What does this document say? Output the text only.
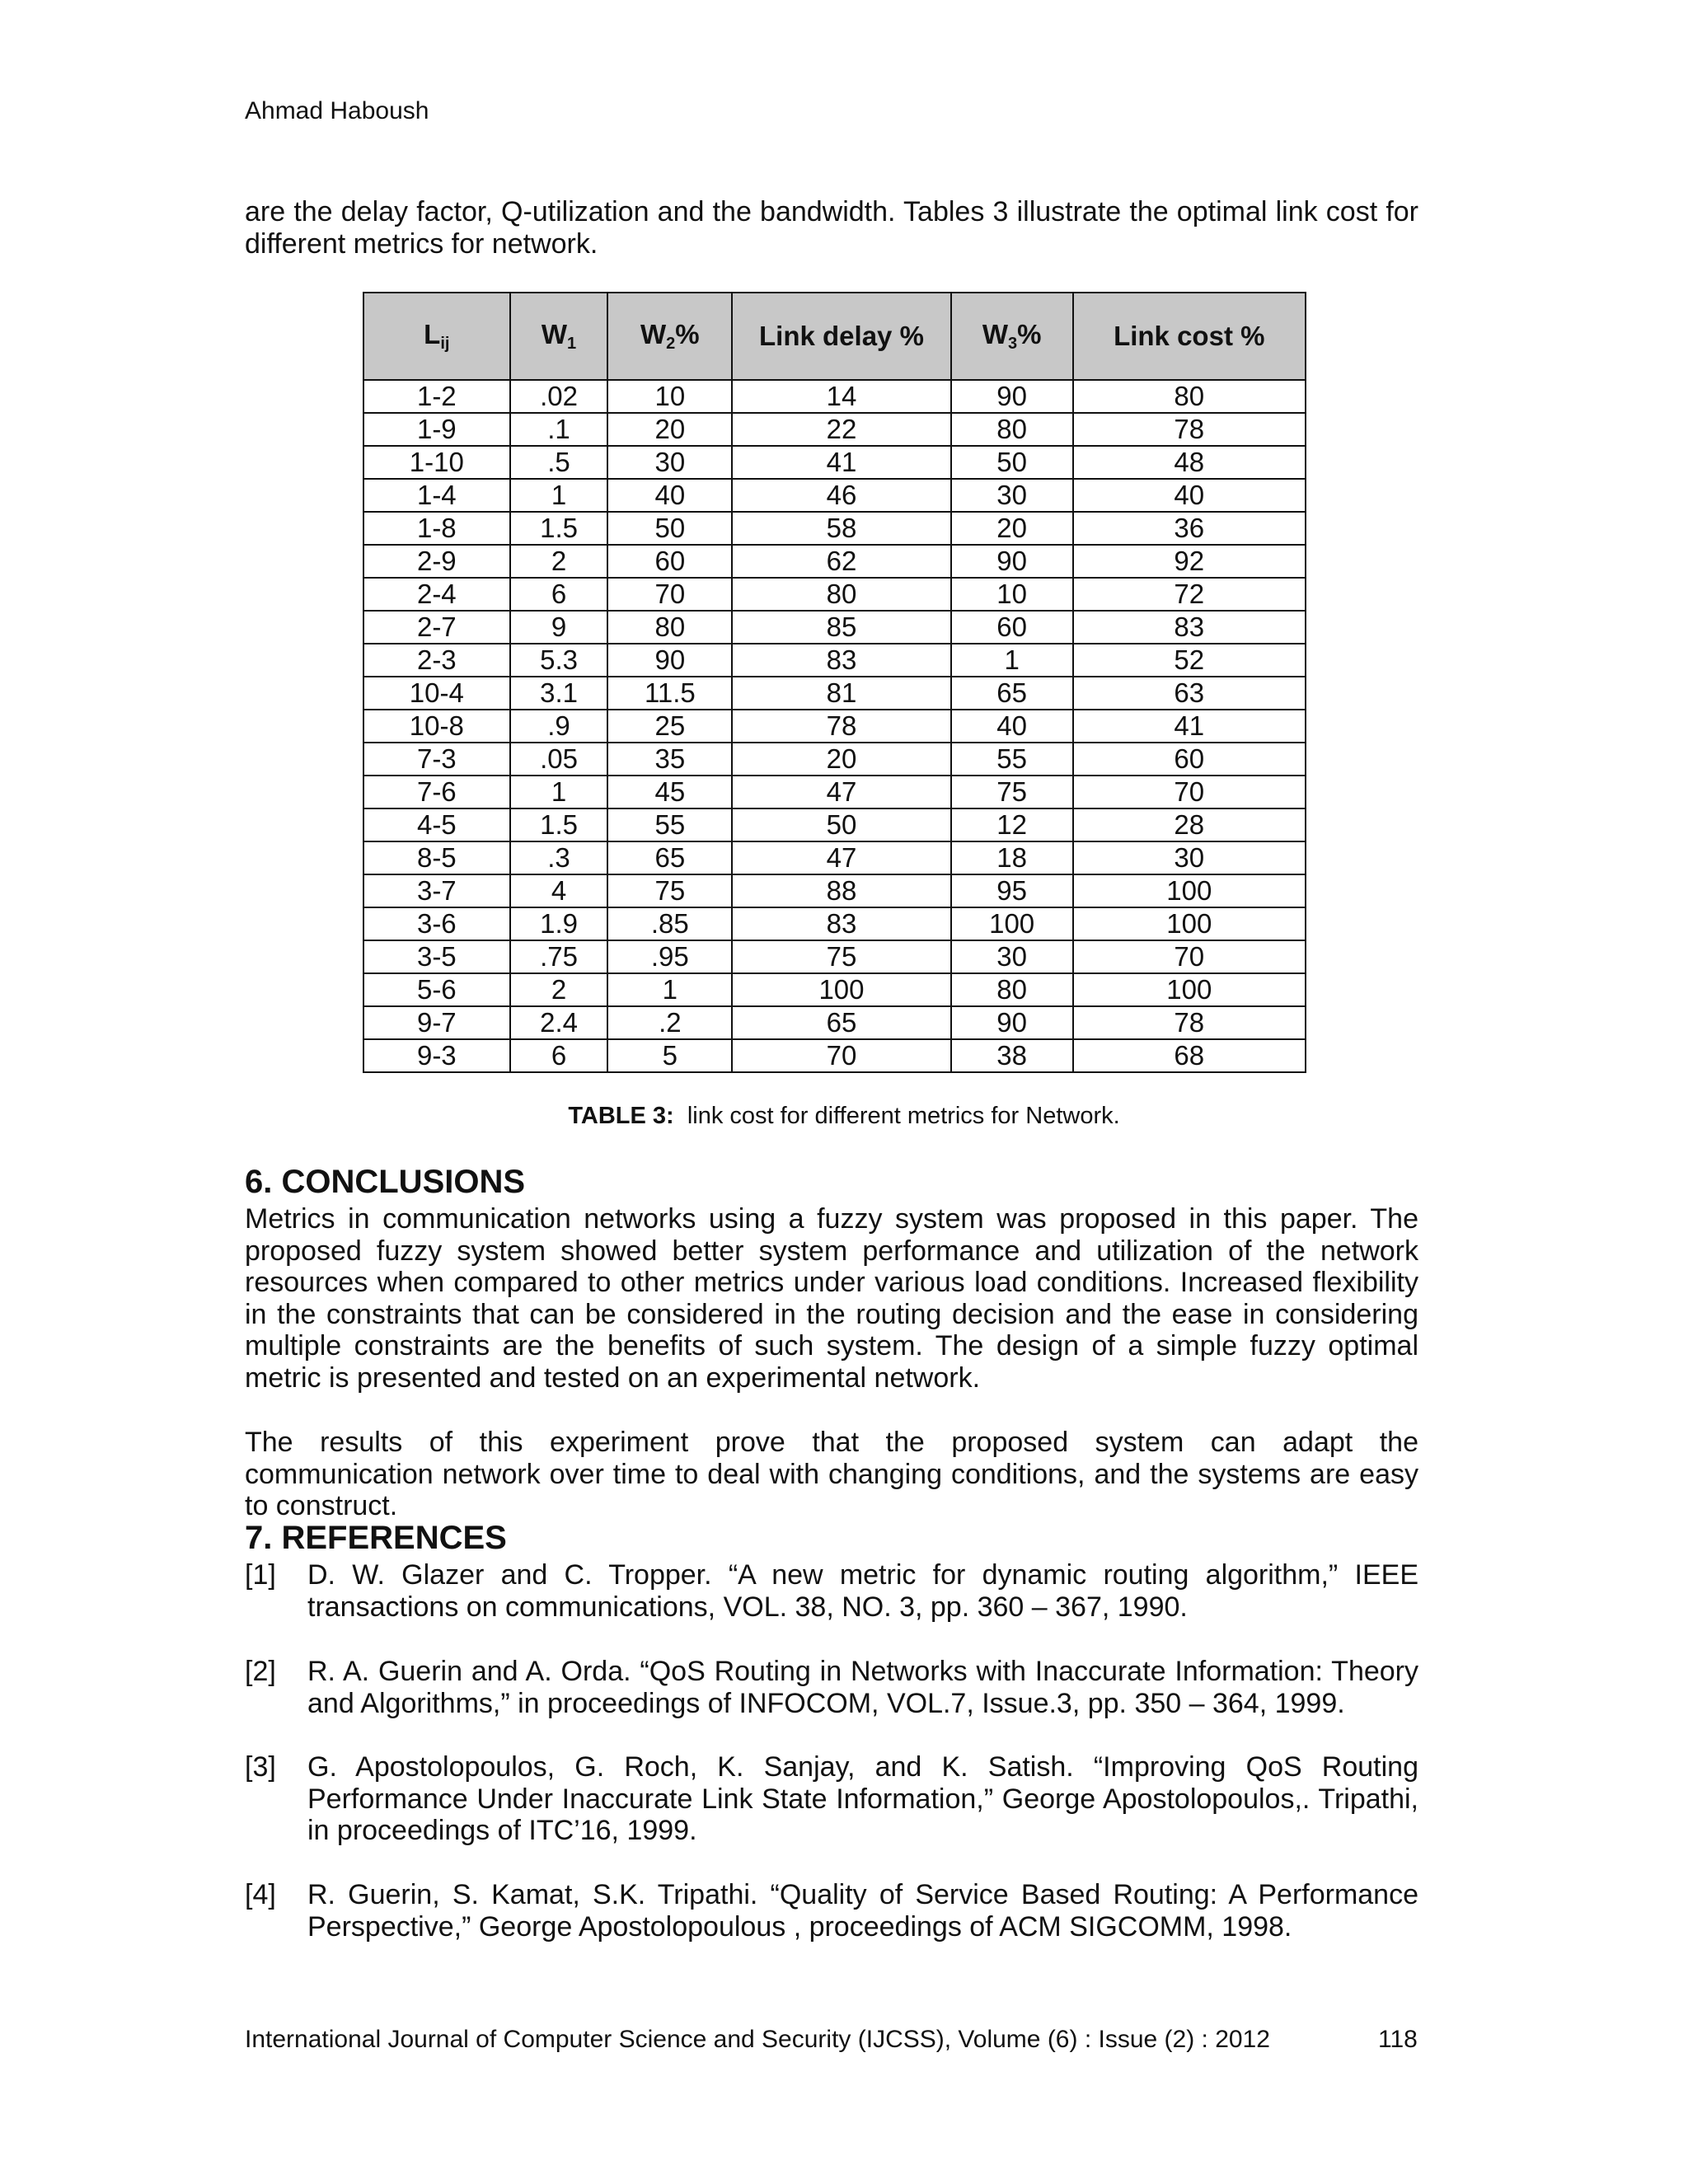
Ahmad Haboush

are the delay factor, Q-utilization and the bandwidth. Tables 3 illustrate the optimal link cost for different metrics for network.

$L_{ij}$	$W_1$	$W_2\%$	Link delay %	$W_3\%$	Link cost %
1-2	.02	10	14	90	80
1-9	.1	20	22	80	78
1-10	.5	30	41	50	48
1-4	1	40	46	30	40
1-8	1.5	50	58	20	36
2-9	2	60	62	90	92
2-4	6	70	80	10	72
2-7	9	80	85	60	83
2-3	5.3	90	83	1	52
10-4	3.1	11.5	81	65	63
10-8	.9	25	78	40	41
7-3	.05	35	20	55	60
7-6	1	45	47	75	70
4-5	1.5	55	50	12	28
8-5	.3	65	47	18	30
3-7	4	75	88	95	100
3-6	1.9	.85	83	100	100
3-5	.75	.95	75	30	70
5-6	2	1	100	80	100
9-7	2.4	.2	65	90	78
9-3	6	5	70	38	68
TABLE 3: link cost for different metrics for Network.
6. CONCLUSIONS

Metrics in communication networks using a fuzzy system was proposed in this paper. The proposed fuzzy system showed better system performance and utilization of the network resources when compared to other metrics under various load conditions. Increased flexibility in the constraints that can be considered in the routing decision and the ease in considering multiple constraints are the benefits of such system. The design of a simple fuzzy optimal metric is presented and tested on an experimental network.

The results of this experiment prove that the proposed system can adapt the      communication network over time to deal with changing conditions, and the systems are easy to construct.

7. REFERENCES
[1] D. W. Glazer and C. Tropper. “A new metric for dynamic routing algorithm,” IEEE transactions on communications, VOL. 38, NO. 3, pp. 360 – 367, 1990.
[2] R. A. Guerin and A. Orda. “QoS Routing in Networks with Inaccurate Information: Theory and Algorithms,” in proceedings of INFOCOM, VOL.7, Issue.3, pp. 350 – 364, 1999.
[3] G. Apostolopoulos, G. Roch, K. Sanjay, and K. Satish. “Improving QoS Routing Performance Under Inaccurate Link State Information,” George Apostolopoulos,. Tripathi, in proceedings of ITC’16, 1999.
[4] R. Guerin, S. Kamat, S.K. Tripathi. “Quality of Service Based Routing: A Performance Perspective,” George Apostolopoulous , proceedings of ACM SIGCOMM, 1998.
International Journal of Computer Science and Security (IJCSS), Volume (6) : Issue (2) : 2012	118
